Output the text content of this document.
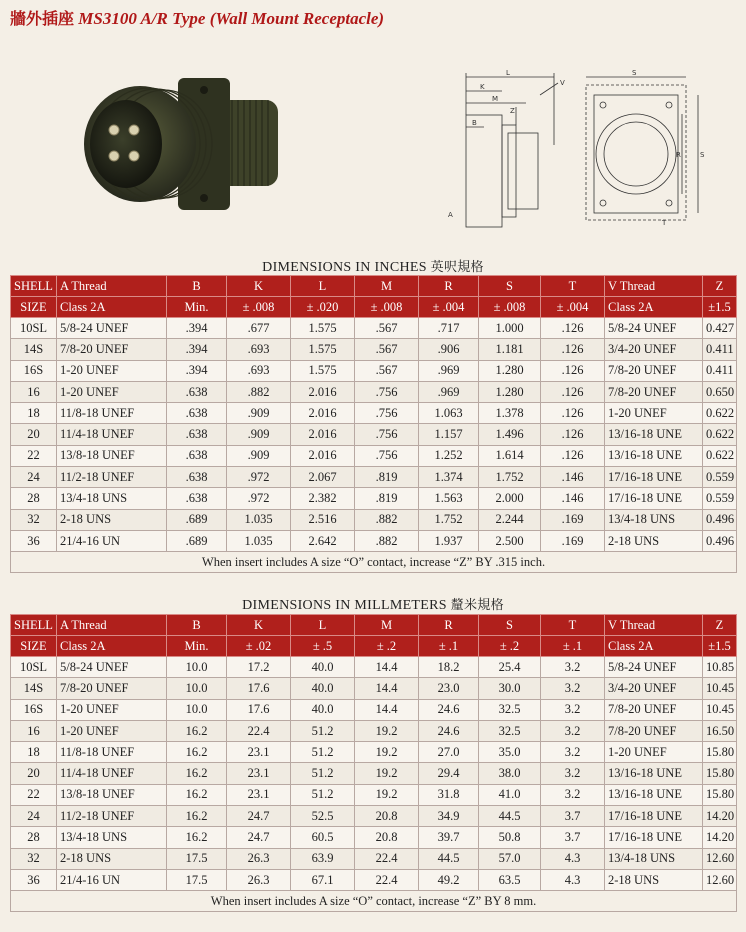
牆外插座 MS3100 A/R Type (Wall Mount Receptacle)
L
K
M
Z
B
V
A
S
R	S
T
DIMENSIONS IN INCHES 英呎規格
SHELL	A Thread	B	K	L	M	R	S	T	V Thread	Z
SIZE	Class 2A	Min.	± .008	± .020	± .008	± .004	± .008	± .004	Class 2A	±1.5
10SL	5/8-24 UNEF	.394	.677	1.575	.567	.717	1.000	.126	5/8-24 UNEF	0.427
14S	7/8-20 UNEF	.394	.693	1.575	.567	.906	1.181	.126	3/4-20 UNEF	0.411
16S	1-20 UNEF	.394	.693	1.575	.567	.969	1.280	.126	7/8-20 UNEF	0.411
16	1-20 UNEF	.638	.882	2.016	.756	.969	1.280	.126	7/8-20 UNEF	0.650
18	11/8-18 UNEF	.638	.909	2.016	.756	1.063	1.378	.126	1-20 UNEF	0.622
20	11/4-18 UNEF	.638	.909	2.016	.756	1.157	1.496	.126	13/16-18 UNE	0.622
22	13/8-18 UNEF	.638	.909	2.016	.756	1.252	1.614	.126	13/16-18 UNE	0.622
24	11/2-18 UNEF	.638	.972	2.067	.819	1.374	1.752	.146	17/16-18 UNE	0.559
28	13/4-18 UNS	.638	.972	2.382	.819	1.563	2.000	.146	17/16-18 UNE	0.559
32	2-18 UNS	.689	1.035	2.516	.882	1.752	2.244	.169	13/4-18 UNS	0.496
36	21/4-16 UN	.689	1.035	2.642	.882	1.937	2.500	.169	2-18 UNS	0.496
When insert includes A size “O” contact, increase “Z” BY .315 inch.										
DIMENSIONS IN MILLMETERS 釐米規格
SHELL	A Thread	B	K	L	M	R	S	T	V Thread	Z
SIZE	Class 2A	Min.	± .02	± .5	± .2	± .1	± .2	± .1	Class 2A	±1.5
10SL	5/8-24 UNEF	10.0	17.2	40.0	14.4	18.2	25.4	3.2	5/8-24 UNEF	10.85
14S	7/8-20 UNEF	10.0	17.6	40.0	14.4	23.0	30.0	3.2	3/4-20 UNEF	10.45
16S	1-20 UNEF	10.0	17.6	40.0	14.4	24.6	32.5	3.2	7/8-20 UNEF	10.45
16	1-20 UNEF	16.2	22.4	51.2	19.2	24.6	32.5	3.2	7/8-20 UNEF	16.50
18	11/8-18 UNEF	16.2	23.1	51.2	19.2	27.0	35.0	3.2	1-20 UNEF	15.80
20	11/4-18 UNEF	16.2	23.1	51.2	19.2	29.4	38.0	3.2	13/16-18 UNE	15.80
22	13/8-18 UNEF	16.2	23.1	51.2	19.2	31.8	41.0	3.2	13/16-18 UNE	15.80
24	11/2-18 UNEF	16.2	24.7	52.5	20.8	34.9	44.5	3.7	17/16-18 UNE	14.20
28	13/4-18 UNS	16.2	24.7	60.5	20.8	39.7	50.8	3.7	17/16-18 UNE	14.20
32	2-18 UNS	17.5	26.3	63.9	22.4	44.5	57.0	4.3	13/4-18 UNS	12.60
36	21/4-16 UN	17.5	26.3	67.1	22.4	49.2	63.5	4.3	2-18 UNS	12.60
When insert includes A size “O” contact, increase “Z” BY 8 mm.										
